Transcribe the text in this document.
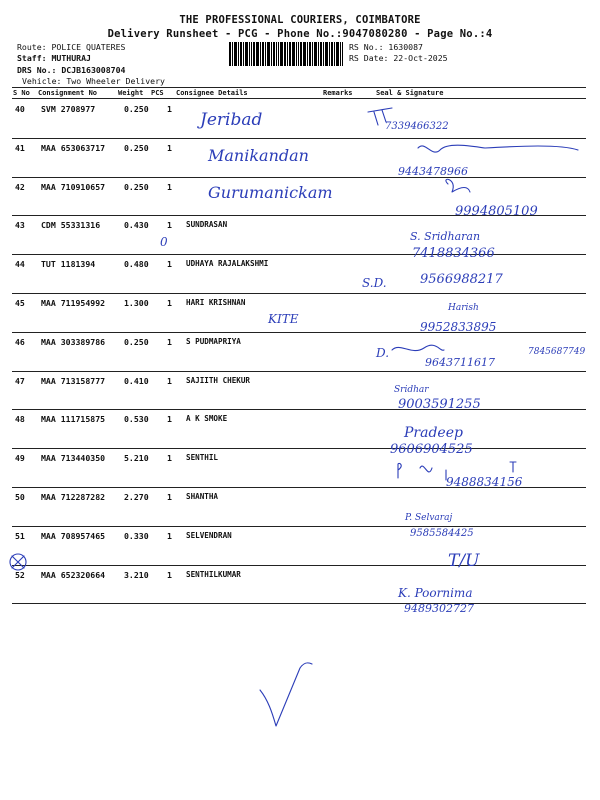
THE PROFESSIONAL COURIERS, COIMBATORE
Delivery Runsheet - PCG - Phone No.:9047080280 - Page No.:4
Route: POLICE QUATERES
Staff: MUTHURAJ
DRS No.: DCJB163008704
Vehicle: Two Wheeler Delivery
RS No.: 1630087
RS Date: 22-Oct-2025
S No Consignment No	Weight PCS Consignee Details	Remarks	Seal & Signature
40 SVM 2708977	0.250 1
41 MAA 653063717 0.250 1
42 MAA 710910657 0.250 1
43 CDM 55331316	0.430 1 SUNDRASAN
44 TUT 1181394	0.480 1 UDHAYA RAJALAKSHMI
45 MAA 711954992 1.300 1 HARI KRISHNAN
46 MAA 303389786 0.250 1 S PUDMAPRIYA
47 MAA 713158777 0.410 1 SAJIITH CHEKUR
48 MAA 111715875 0.530 1 A K SMOKE
49 MAA 713440350 5.210 1 SENTHIL
50 MAA 712287282 2.270 1 SHANTHA
51 MAA 708957465 0.330 1 SELVENDRAN
52 MAA 652320664 3.210 1 SENTHILKUMAR
Jeribad	7339466322
Manikandan
9443478966
Gurumanickam
9994805109
S. Sridharan
7418834366
0
S.D.	9566988217
KITE
Harish
9952833895
D.
9643711617
7845687749
Sridhar
9003591255
Pradeep
9606904525
9488834156
P. Selvaraj
9585584425
T/U
K. Poornima
9489302727
